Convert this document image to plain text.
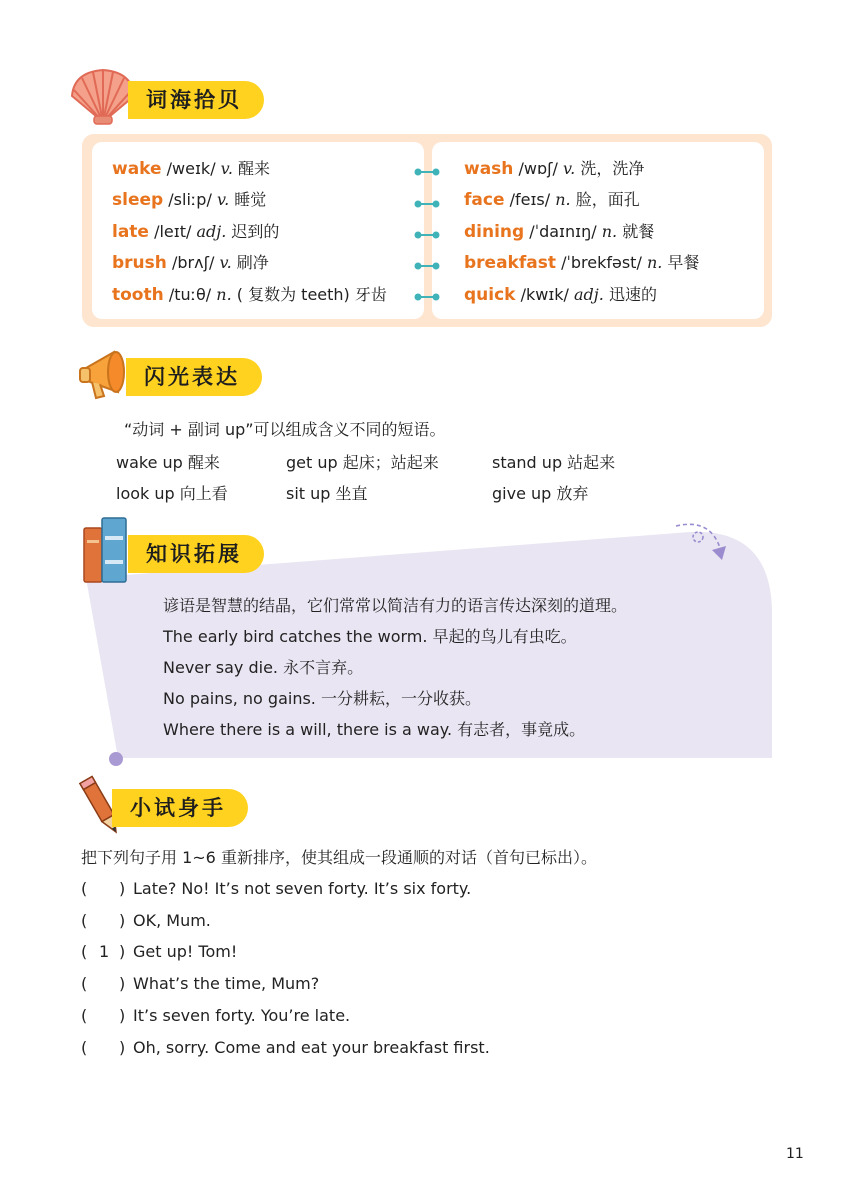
词海拾贝
wake /weɪk/ v. 醒来
sleep /sliːp/ v. 睡觉
late /leɪt/ adj. 迟到的
brush /brʌʃ/ v. 刷净
tooth /tuːθ/ n. ( 复数为 teeth) 牙齿
wash /wɒʃ/ v. 洗，洗净
face /feɪs/ n. 脸，面孔
dining /ˈdaɪnɪŋ/ n. 就餐
breakfast /ˈbrekfəst/ n. 早餐
quick /kwɪk/ adj. 迅速的
闪光表达
“动词 + 副词 up”可以组成含义不同的短语。
wake up 醒来	get up 起床；站起来	stand up 站起来
look up 向上看	sit up 坐直	give up 放弃
知识拓展
谚语是智慧的结晶，它们常常以简洁有力的语言传达深刻的道理。
The early bird catches the worm. 早起的鸟儿有虫吃。
Never say die. 永不言弃。
No pains, no gains. 一分耕耘，一分收获。
Where there is a will, there is a way. 有志者，事竟成。
小试身手
把下列句子用 1~6 重新排序，使其组成一段通顺的对话（首句已标出）。
( ) Late? No! It’s not seven forty. It’s six forty.
( ) OK, Mum.
( 1 ) Get up! Tom!
( ) What’s the time, Mum?
( ) It’s seven forty. You’re late.
( ) Oh, sorry. Come and eat your breakfast first.
11
